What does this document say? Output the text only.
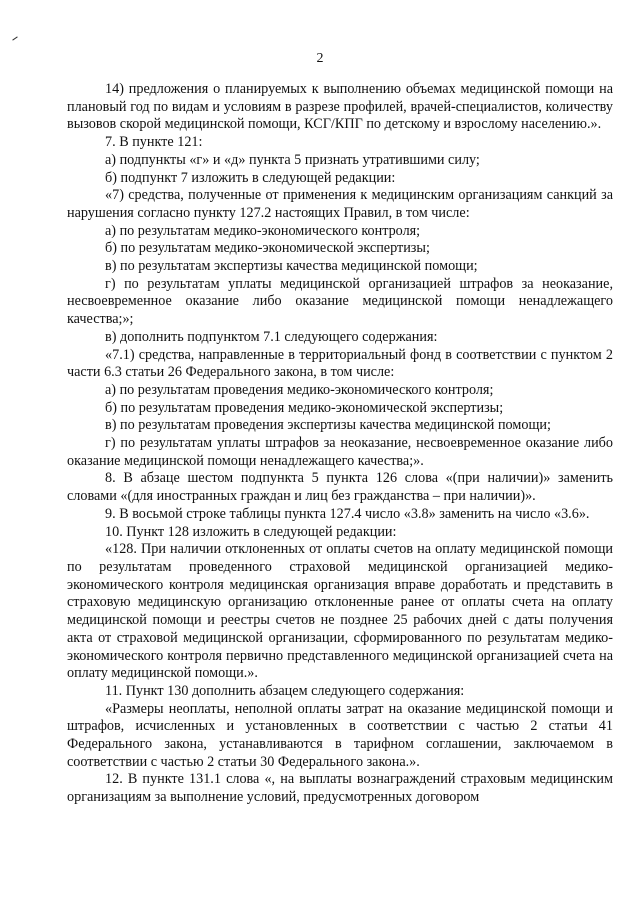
2

14) предложения о планируемых к выполнению объемах медицинской помощи на плановый год по видам и условиям в разрезе профилей, врачей-специалистов, количеству вызовов скорой медицинской помощи, КСГ/КПГ по детскому и взрослому населению.».

7. В пункте 121:

а) подпункты «г» и «д» пункта 5 признать утратившими силу;

б) подпункт 7 изложить в следующей редакции:

«7) средства, полученные от применения к медицинским организациям санкций за нарушения согласно пункту 127.2 настоящих Правил, в том числе:

а) по результатам медико-экономического контроля;

б) по результатам медико-экономической экспертизы;

в) по результатам экспертизы качества медицинской помощи;

г) по результатам уплаты медицинской организацией штрафов за неоказание, несвоевременное оказание либо оказание медицинской помощи ненадлежащего качества;»;

в) дополнить подпунктом 7.1 следующего содержания:

«7.1) средства, направленные в территориальный фонд в соответствии с пунктом 2 части 6.3 статьи 26 Федерального закона, в том числе:

а) по результатам проведения медико-экономического контроля;

б) по результатам проведения медико-экономической экспертизы;

в) по результатам проведения экспертизы качества медицинской помощи;

г) по результатам уплаты штрафов за неоказание, несвоевременное оказание либо оказание медицинской помощи ненадлежащего качества;».

8. В абзаце шестом подпункта 5 пункта 126 слова «(при наличии)» заменить словами «(для иностранных граждан и лиц без гражданства – при наличии)».

9. В восьмой строке таблицы пункта 127.4 число «3.8» заменить на число «3.6».

10. Пункт 128 изложить в следующей редакции:

«128. При наличии отклоненных от оплаты счетов на оплату медицинской помощи по результатам проведенного страховой медицинской организацией медико-экономического контроля медицинская организация вправе доработать и представить в страховую медицинскую организацию отклоненные ранее от оплаты счета на оплату медицинской помощи и реестры счетов не позднее 25 рабочих дней с даты получения акта от страховой медицинской организации, сформированного по результатам медико-экономического контроля первично представленного медицинской организацией счета на оплату медицинской помощи.».

11. Пункт 130 дополнить абзацем следующего содержания:

«Размеры неоплаты, неполной оплаты затрат на оказание медицинской помощи и штрафов, исчисленных и установленных в соответствии с частью 2 статьи 41 Федерального закона, устанавливаются в тарифном соглашении, заключаемом в соответствии с частью 2 статьи 30 Федерального закона.».

12. В пункте 131.1 слова «, на выплаты вознаграждений страховым медицинским организациям за выполнение условий, предусмотренных договором
